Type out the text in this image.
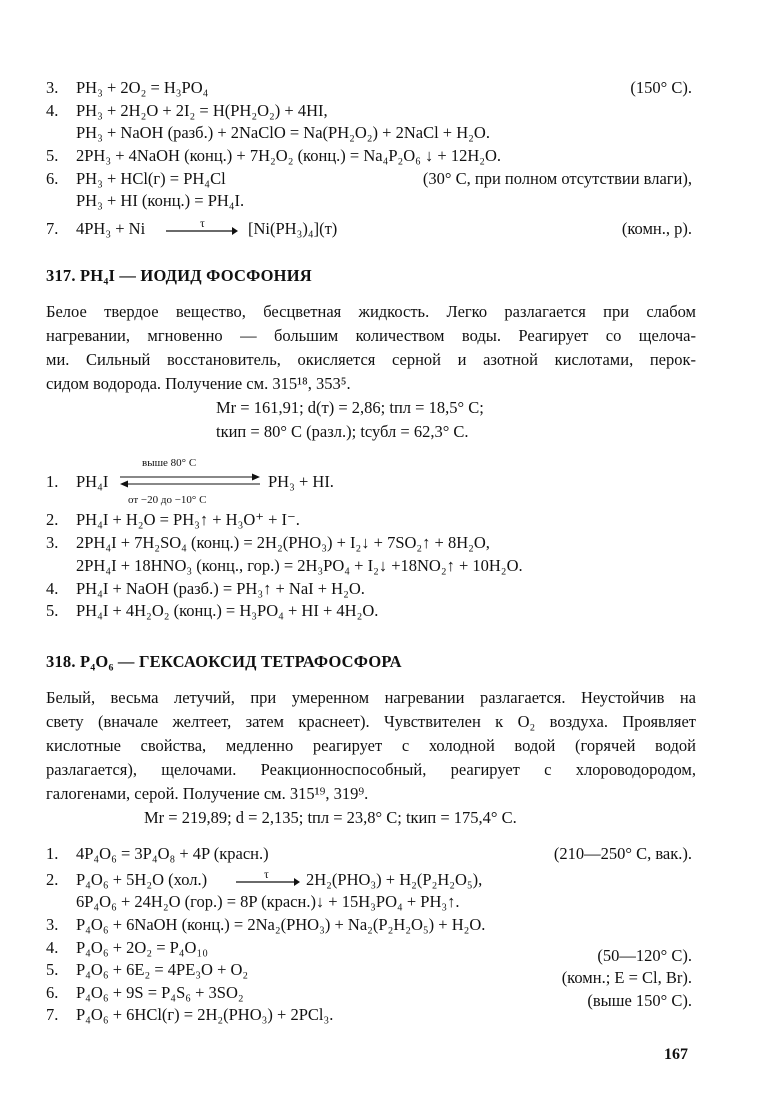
3. PH₃ + 2O₂ = H₃PO₄	(150° C).
4. PH₃ + 2H₂O + 2I₂ = H(PH₂O₂) + 4HI,
PH₃ + NaOH (разб.) + 2NaClO = Na(PH₂O₂) + 2NaCl + H₂O.
5. 2PH₃ + 4NaOH (конц.) + 7H₂O₂ (конц.) = Na₄P₂O₆ ↓ + 12H₂O.
6. PH₃ + HCl(г) = PH₄Cl	(30° C, при полном отсутствии влаги),
PH₃ + HI (конц.) = PH₄I.
7. 4PH₃ + Ni	τ	[Ni(PH₃)₄](т)	(комн., p).
317. PH₄I — ИОДИД ФОСФОНИЯ
Белое твердое вещество, бесцветная жидкость. Легко разлагается при слабом
нагревании, мгновенно — большим количеством воды. Реагирует со щелоча-
ми. Сильный восстановитель, окисляется серной и азотной кислотами, перок-
сидом водорода. Получение см. 315¹⁸, 353⁵.
Mr = 161,91; d(т) = 2,86; tпл = 18,5° C;
tкип = 80° C (разл.); tсубл = 62,3° C.
выше 80° C
1. PH₄I	PH₃ + HI.
от −20 до −10° C
2. PH₄I + H₂O = PH₃↑ + H₃O⁺ + I⁻.
3. 2PH₄I + 7H₂SO₄ (конц.) = 2H₂(PHO₃) + I₂↓ + 7SO₂↑ + 8H₂O,
2PH₄I + 18HNO₃ (конц., гор.) = 2H₃PO₄ + I₂↓ +18NO₂↑ + 10H₂O.
4. PH₄I + NaOH (разб.) = PH₃↑ + NaI + H₂O.
5. PH₄I + 4H₂O₂ (конц.) = H₃PO₄ + HI + 4H₂O.
318. P₄O₆ — ГЕКСАОКСИД ТЕТРАФОСФОРА
Белый, весьма летучий, при умеренном нагревании разлагается. Неустойчив на
свету (вначале желтеет, затем краснеет). Чувствителен к O₂ воздуха. Проявляет
кислотные свойства, медленно реагирует с холодной водой (горячей водой
разлагается), щелочами. Реакционноспособный, реагирует с хлороводородом,
галогенами, серой. Получение см. 315¹⁹, 319⁹.
Mr = 219,89; d = 2,135; tпл = 23,8° C; tкип = 175,4° C.
1. 4P₄O₆ = 3P₄O₈ + 4P (красн.)	(210—250° C, вак.).
2. P₄O₆ + 5H₂O (хол.)	τ → 2H₂(PHO₃) + H₂(P₂H₂O₅),
6P₄O₆ + 24H₂O (гор.) = 8P (красн.)↓ + 15H₃PO₄ + PH₃↑.
3. P₄O₆ + 6NaOH (конц.) = 2Na₂(PHO₃) + Na₂(P₂H₂O₅) + H₂O.
4. P₄O₆ + 2O₂ = P₄O₁₀	(50—120° C).
5. P₄O₆ + 6E₂ = 4PE₃O + O₂	(комн.; E = Cl, Br).
6. P₄O₆ + 9S = P₄S₆ + 3SO₂	(выше 150° C).
7. P₄O₆ + 6HCl(г) = 2H₂(PHO₃) + 2PCl₃.
167
